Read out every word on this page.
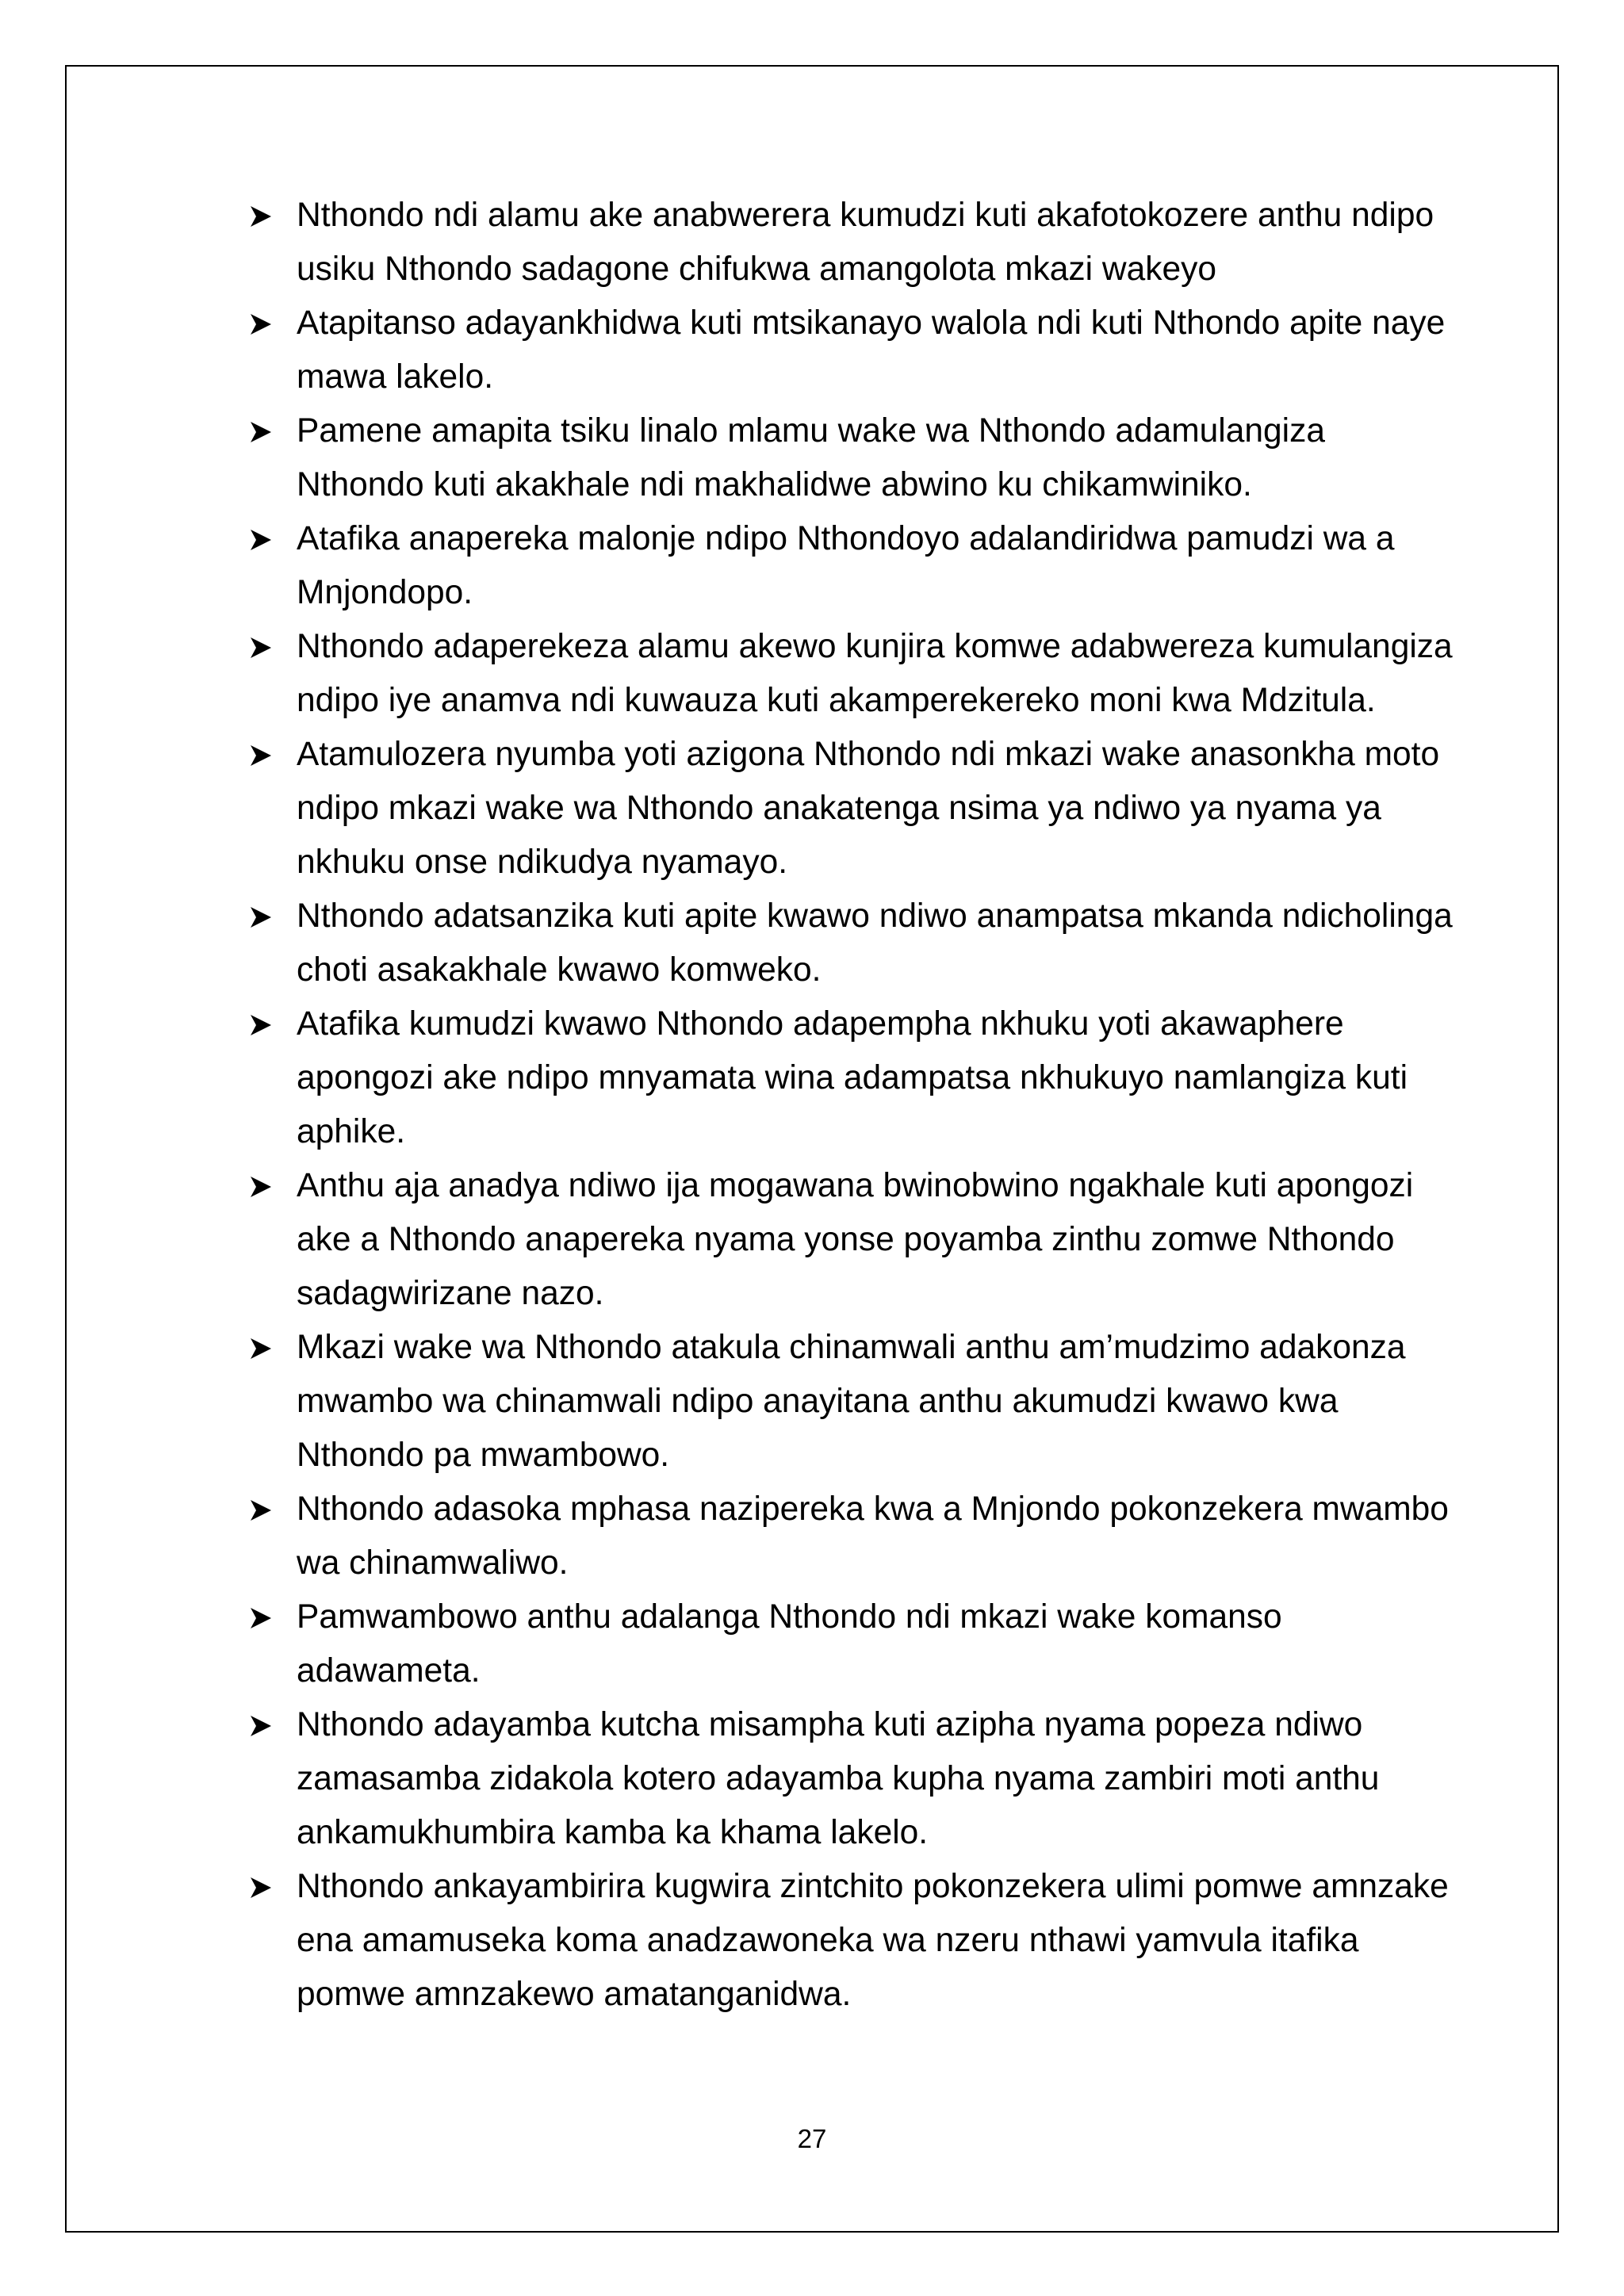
Nthondo ndi alamu ake anabwerera kumudzi kuti akafotokozere anthu ndipo usiku Nthondo sadagone chifukwa amangolota mkazi wakeyo
Atapitanso adayankhidwa kuti mtsikanayo walola ndi kuti Nthondo apite naye mawa lakelo.
Pamene amapita tsiku linalo mlamu wake wa Nthondo adamulangiza Nthondo kuti akakhale ndi makhalidwe abwino ku chikamwiniko.
Atafika anapereka malonje ndipo Nthondoyo adalandiridwa pamudzi wa a Mnjondopo.
Nthondo adaperekeza alamu akewo kunjira komwe adabwereza kumulangiza ndipo iye anamva ndi kuwauza kuti akamperekereko moni kwa Mdzitula.
Atamulozera nyumba yoti azigona Nthondo ndi mkazi wake anasonkha moto ndipo mkazi wake wa Nthondo anakatenga nsima ya ndiwo ya nyama ya nkhuku onse ndikudya nyamayo.
Nthondo adatsanzika kuti apite kwawo ndiwo anampatsa mkanda ndicholinga choti asakakhale kwawo komweko.
Atafika kumudzi kwawo Nthondo adapempha nkhuku yoti akawaphere apongozi ake ndipo mnyamata wina adampatsa nkhukuyo namlangiza kuti aphike.
Anthu aja anadya ndiwo ija mogawana bwinobwino ngakhale kuti apongozi ake a Nthondo anapereka nyama yonse poyamba zinthu zomwe Nthondo sadagwirizane nazo.
Mkazi wake wa Nthondo atakula chinamwali anthu am’mudzimo adakonza mwambo wa chinamwali ndipo anayitana anthu akumudzi kwawo kwa Nthondo pa mwambowo.
Nthondo adasoka mphasa nazipereka kwa a Mnjondo pokonzekera mwambo wa chinamwaliwo.
Pamwambowo anthu adalanga Nthondo ndi mkazi wake komanso adawameta.
Nthondo adayamba kutcha misampha kuti azipha nyama popeza ndiwo zamasamba zidakola kotero adayamba kupha nyama zambiri moti anthu ankamukhumbira kamba ka khama lakelo.
Nthondo ankayambirira kugwira zintchito pokonzekera ulimi pomwe amnzake ena amamuseka koma anadzawoneka wa nzeru nthawi yamvula itafika pomwe amnzakewo amatanganidwa.
27
